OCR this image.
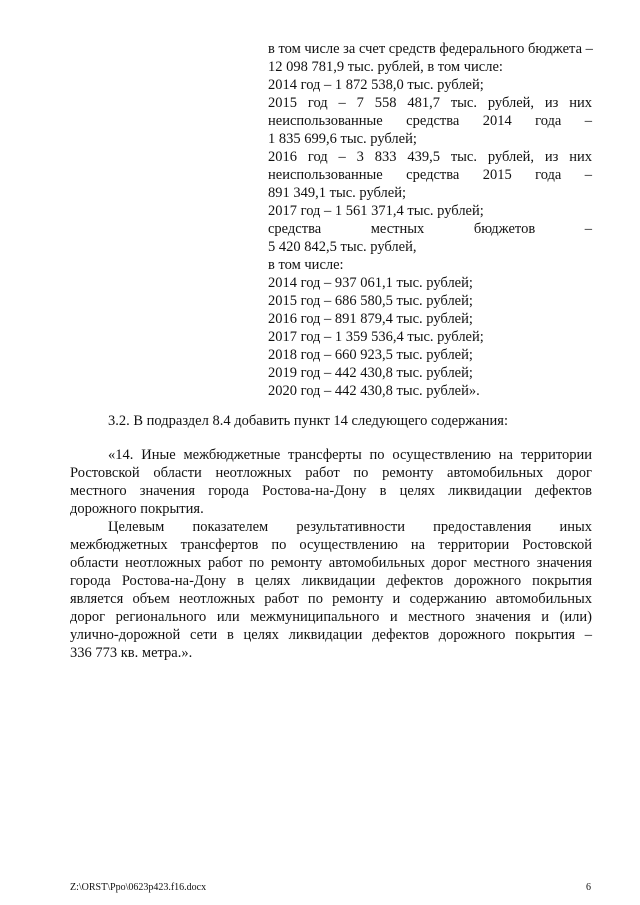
в том числе за счет средств федерального бюджета –
12 098 781,9 тыс. рублей, в том числе:
2014 год – 1 872 538,0 тыс. рублей;
2015 год – 7 558 481,7 тыс. рублей, из них
неиспользованные средства 2014 года –
1 835 699,6 тыс. рублей;
2016 год – 3 833 439,5 тыс. рублей, из них
неиспользованные средства 2015 года –
891 349,1 тыс. рублей;
2017 год – 1 561 371,4 тыс. рублей;
средства местных бюджетов –
5 420 842,5 тыс. рублей,
в том числе:
2014 год – 937 061,1 тыс. рублей;
2015 год – 686 580,5 тыс. рублей;
2016 год – 891 879,4 тыс. рублей;
2017 год – 1 359 536,4 тыс. рублей;
2018 год – 660 923,5 тыс. рублей;
2019 год – 442 430,8 тыс. рублей;
2020 год – 442 430,8 тыс. рублей».
3.2. В подраздел 8.4 добавить пункт 14 следующего содержания:
«14. Иные межбюджетные трансферты по осуществлению на территории
Ростовской области неотложных работ по ремонту автомобильных дорог
местного значения города Ростова-на-Дону в целях ликвидации дефектов
дорожного покрытия.
Целевым показателем результативности предоставления иных
межбюджетных трансфертов по осуществлению на территории Ростовской
области неотложных работ по ремонту автомобильных дорог местного значения
города Ростова-на-Дону в целях ликвидации дефектов дорожного покрытия
является объем неотложных работ по ремонту и содержанию автомобильных
дорог регионального или межмуниципального и местного значения и (или)
улично-дорожной сети в целях ликвидации дефектов дорожного покрытия –
336 773 кв. метра.».
Z:\ORST\Ppo\0623p423.f16.docx	6
